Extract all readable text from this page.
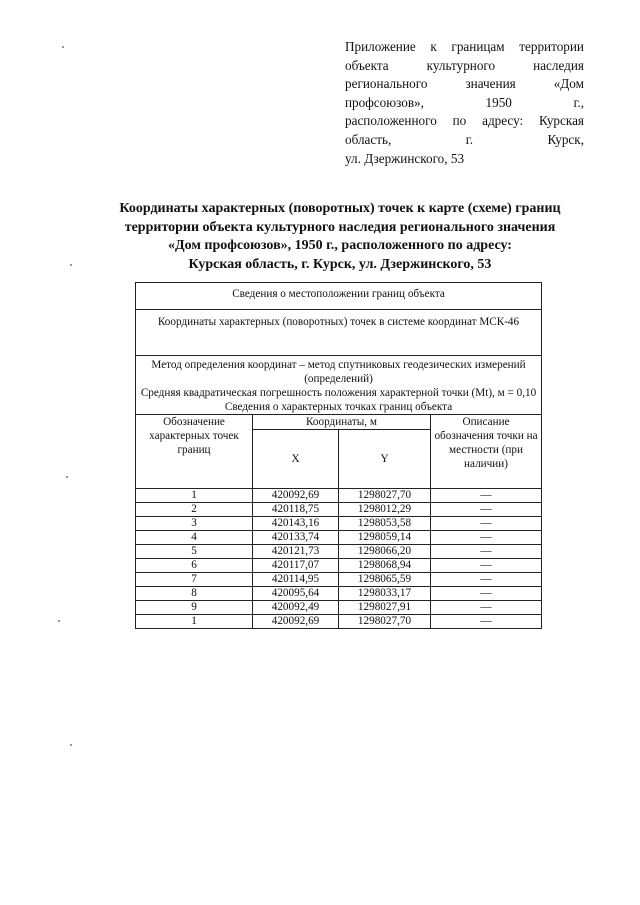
Приложение к границам территории
объекта культурного наследия
регионального значения «Дом
профсоюзов», 1950 г.,
расположенного по адресу: Курская
область, г. Курск,
ул. Дзержинского, 53
Координаты характерных (поворотных) точек к карте (схеме) границ
территории объекта культурного наследия регионального значения
«Дом профсоюзов», 1950 г., расположенного по адресу:
Курская область, г. Курск, ул. Дзержинского, 53
Сведения о местоположении границ объекта			
Координаты характерных (поворотных) точек в системе координат МСК-46			

Метод определения координат – метод спутниковых геодезических измерений (определений)
Средняя квадратическая погрешность положения характерной точки (Mt), м = 0,10
Сведения о характерных точках границ объекта			

Обозначение характерных точек границ	Координаты, м		Описание обозначения точки на местности (при наличии)
	X	Y	
1	420092,69	1298027,70	—
2	420118,75	1298012,29	—
3	420143,16	1298053,58	—
4	420133,74	1298059,14	—
5	420121,73	1298066,20	—
6	420117,07	1298068,94	—
7	420114,95	1298065,59	—
8	420095,64	1298033,17	—
9	420092,49	1298027,91	—
1	420092,69	1298027,70	—
